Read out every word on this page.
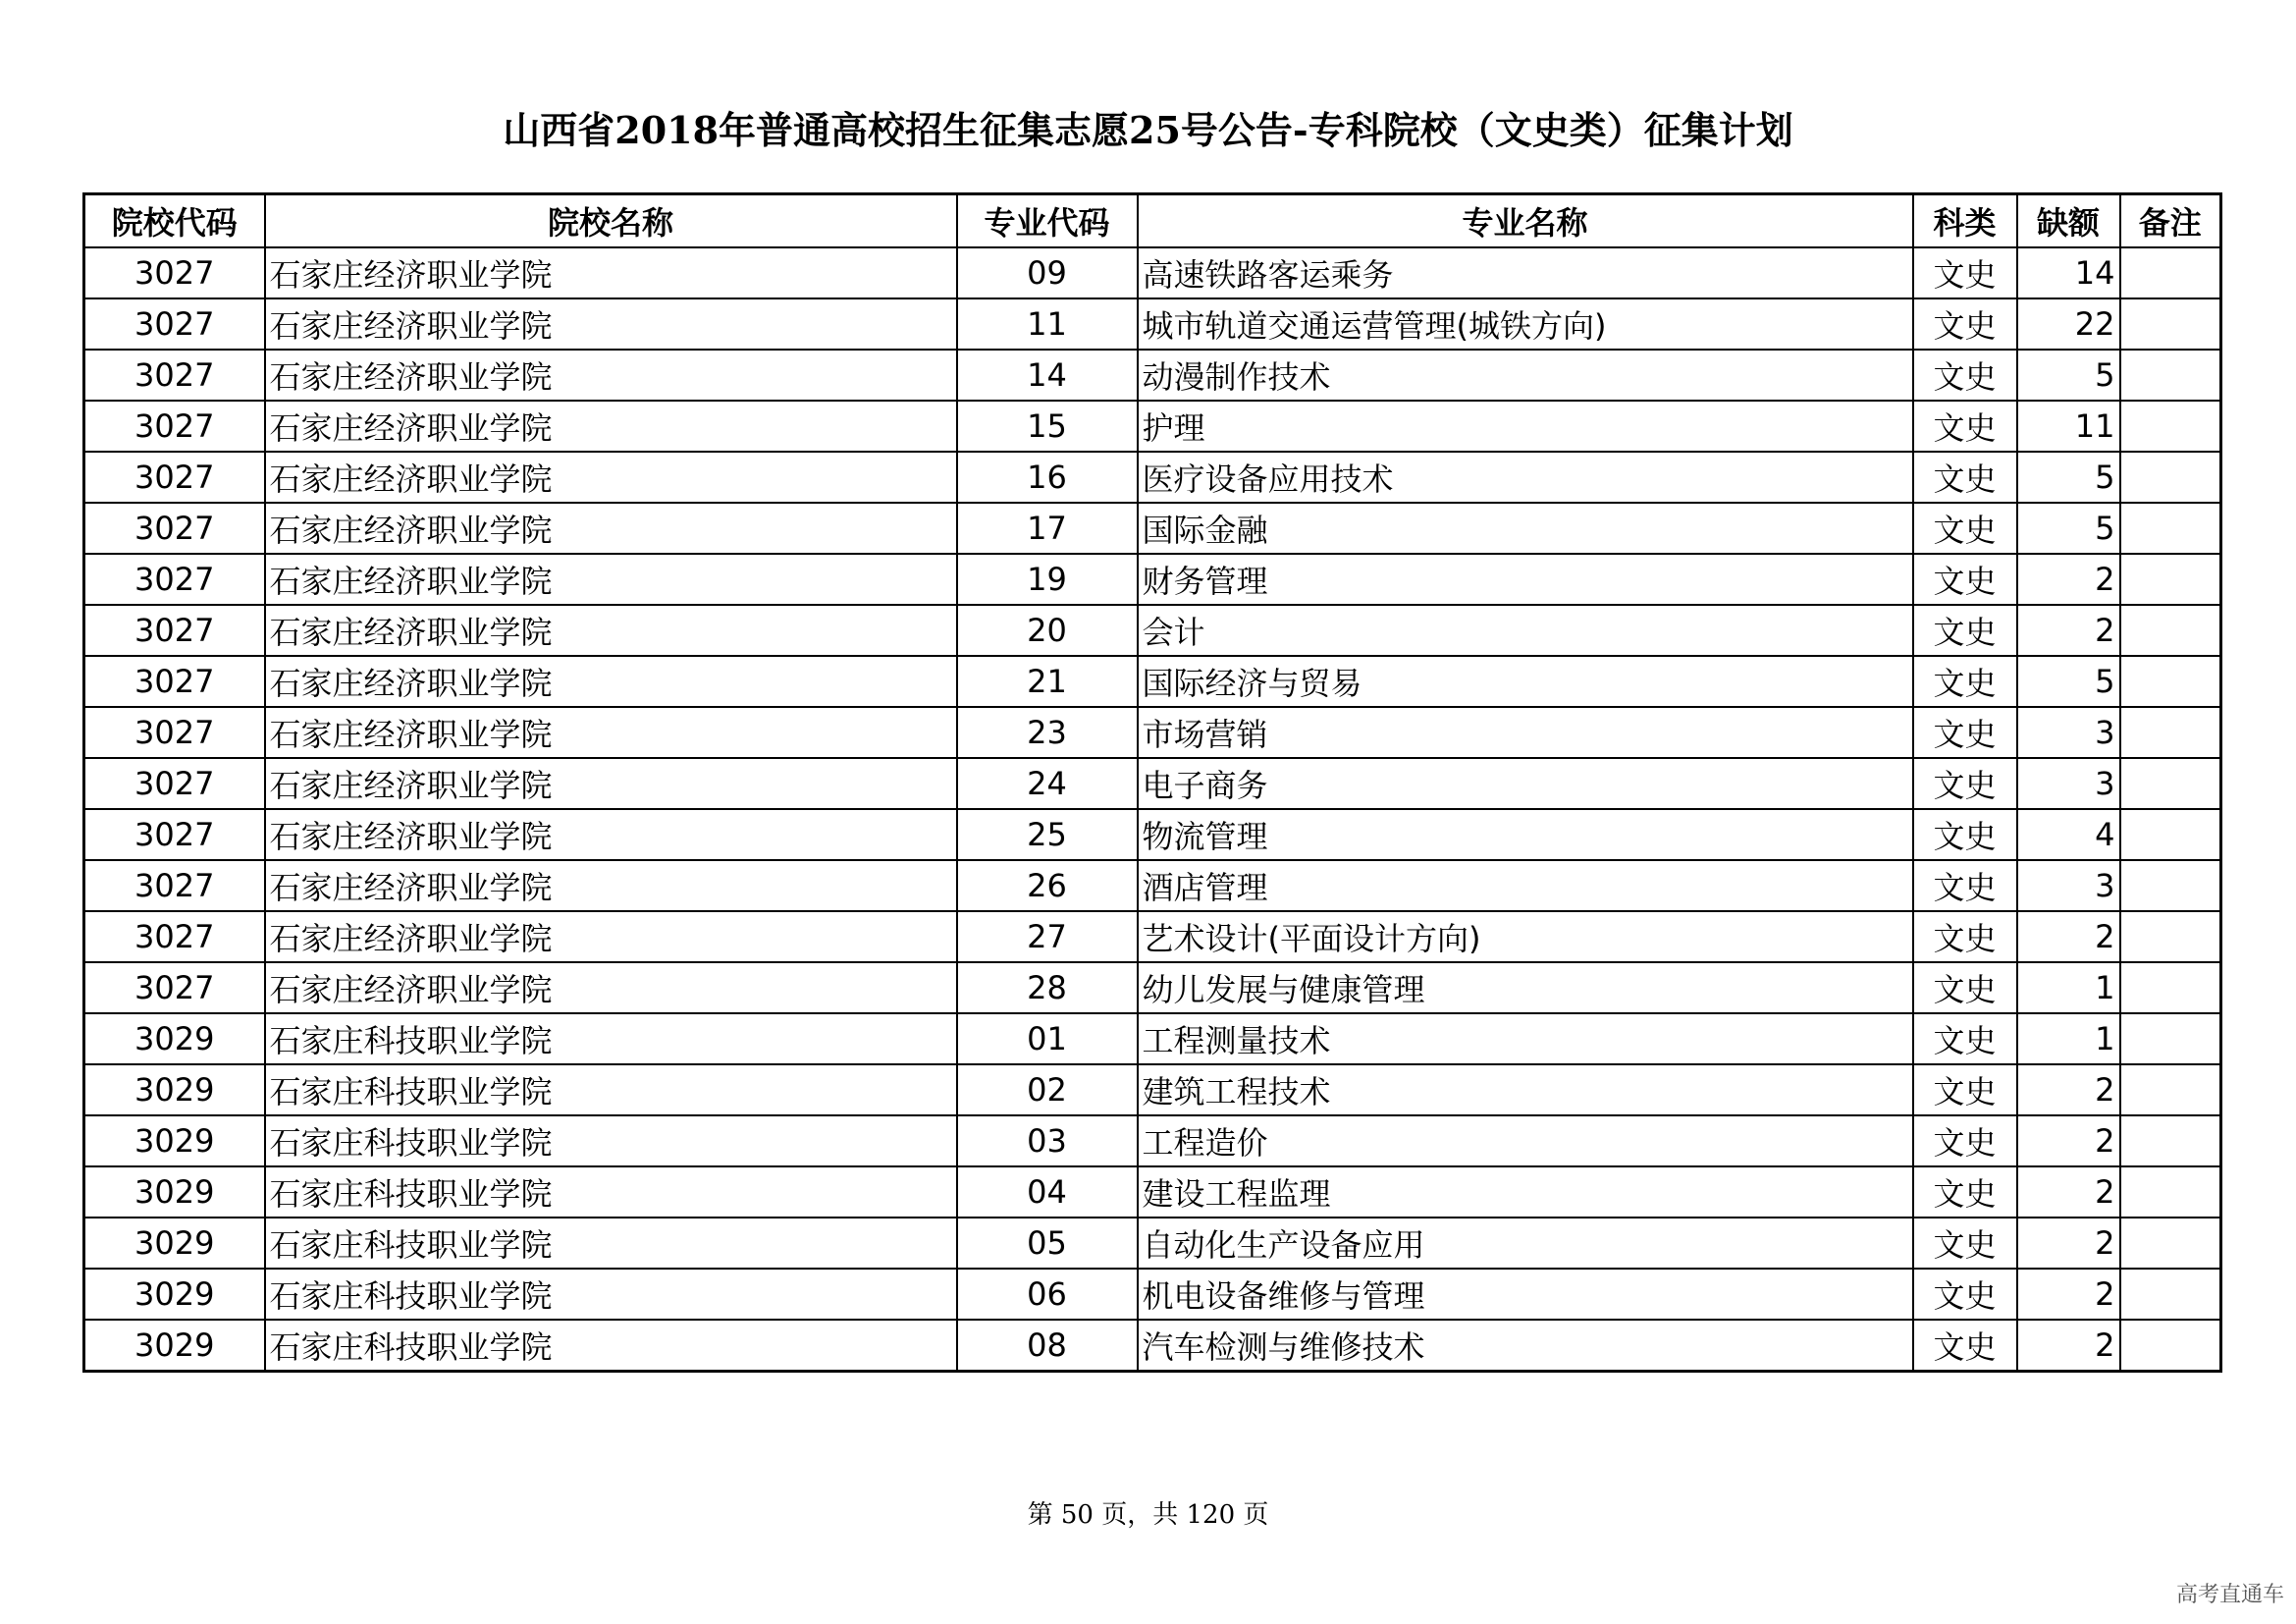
山西省2018年普通高校招生征集志愿25号公告-专科院校（文史类）征集计划
院校代码	院校名称	专业代码	专业名称	科类	缺额	备注
3027	石家庄经济职业学院	09	高速铁路客运乘务	文史	14	
3027	石家庄经济职业学院	11	城市轨道交通运营管理(城铁方向)	文史	22	
3027	石家庄经济职业学院	14	动漫制作技术	文史	5	
3027	石家庄经济职业学院	15	护理	文史	11	
3027	石家庄经济职业学院	16	医疗设备应用技术	文史	5	
3027	石家庄经济职业学院	17	国际金融	文史	5	
3027	石家庄经济职业学院	19	财务管理	文史	2	
3027	石家庄经济职业学院	20	会计	文史	2	
3027	石家庄经济职业学院	21	国际经济与贸易	文史	5	
3027	石家庄经济职业学院	23	市场营销	文史	3	
3027	石家庄经济职业学院	24	电子商务	文史	3	
3027	石家庄经济职业学院	25	物流管理	文史	4	
3027	石家庄经济职业学院	26	酒店管理	文史	3	
3027	石家庄经济职业学院	27	艺术设计(平面设计方向)	文史	2	
3027	石家庄经济职业学院	28	幼儿发展与健康管理	文史	1	
3029	石家庄科技职业学院	01	工程测量技术	文史	1	
3029	石家庄科技职业学院	02	建筑工程技术	文史	2	
3029	石家庄科技职业学院	03	工程造价	文史	2	
3029	石家庄科技职业学院	04	建设工程监理	文史	2	
3029	石家庄科技职业学院	05	自动化生产设备应用	文史	2	
3029	石家庄科技职业学院	06	机电设备维修与管理	文史	2	
3029	石家庄科技职业学院	08	汽车检测与维修技术	文史	2	
第 50 页，共 120 页
高考直通车
